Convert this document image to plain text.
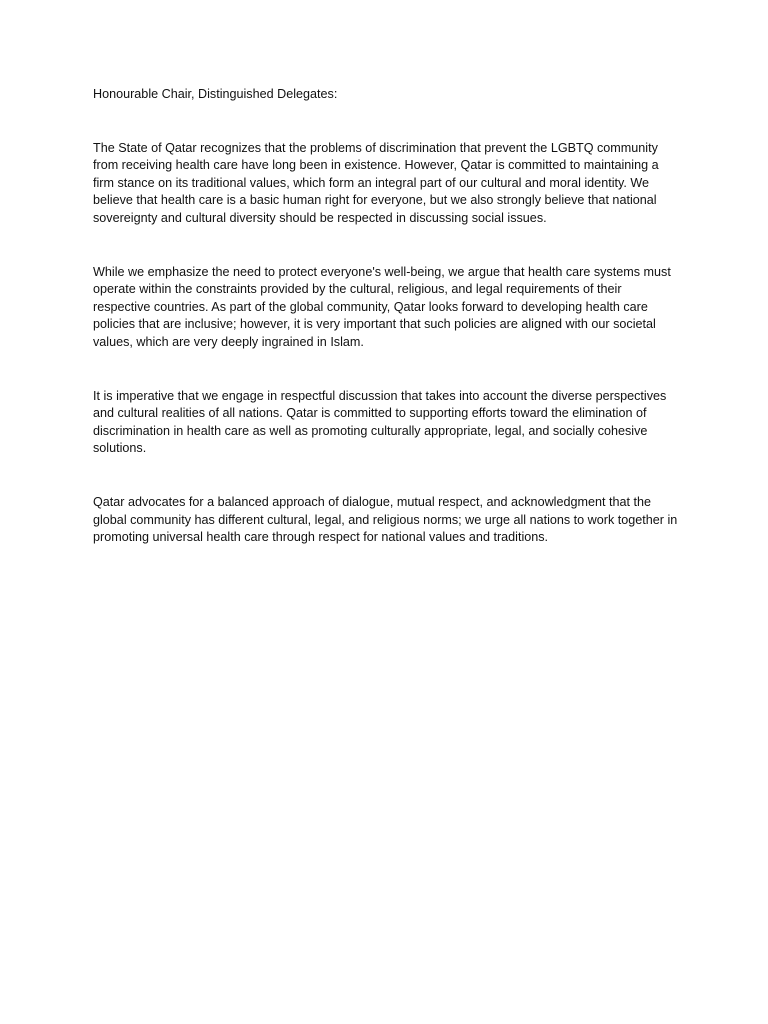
Honourable Chair, Distinguished Delegates:

The State of Qatar recognizes that the problems of discrimination that prevent the LGBTQ community from receiving health care have long been in existence. However, Qatar is committed to maintaining a firm stance on its traditional values, which form an integral part of our cultural and moral identity. We believe that health care is a basic human right for everyone, but we also strongly believe that national sovereignty and cultural diversity should be respected in discussing social issues.

While we emphasize the need to protect everyone's well-being, we argue that health care systems must operate within the constraints provided by the cultural, religious, and legal requirements of their respective countries. As part of the global community, Qatar looks forward to developing health care policies that are inclusive; however, it is very important that such policies are aligned with our societal values, which are very deeply ingrained in Islam.

It is imperative that we engage in respectful discussion that takes into account the diverse perspectives and cultural realities of all nations. Qatar is committed to supporting efforts toward the elimination of discrimination in health care as well as promoting culturally appropriate, legal, and socially cohesive solutions.

Qatar advocates for a balanced approach of dialogue, mutual respect, and acknowledgment that the global community has different cultural, legal, and religious norms; we urge all nations to work together in promoting universal health care through respect for national values and traditions.
